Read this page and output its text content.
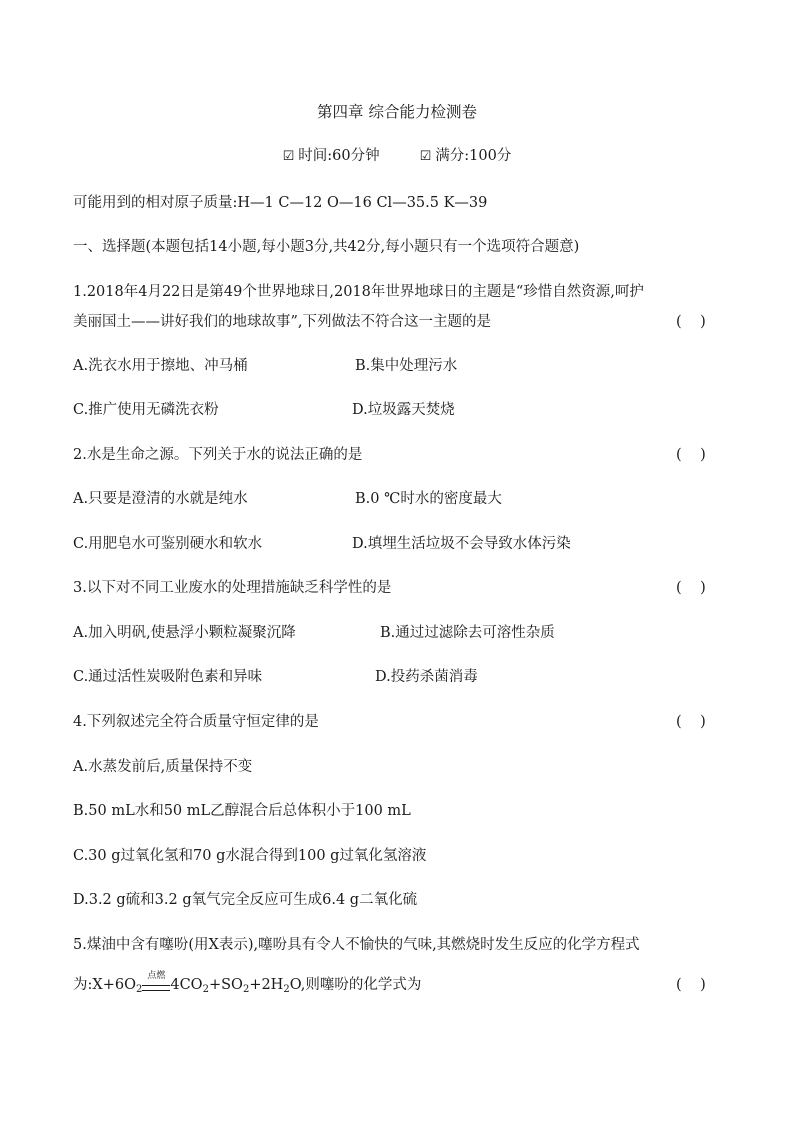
第四章 综合能力检测卷
☑ 时间:60分钟	☑ 满分:100分
可能用到的相对原子质量:H—1 C—12 O—16 Cl—35.5 K—39
一、选择题(本题包括14小题,每小题3分,共42分,每小题只有一个选项符合题意)
1.2018年4月22日是第49个世界地球日,2018年世界地球日的主题是“珍惜自然资源,呵护
美丽国土——讲好我们的地球故事”,下列做法不符合这一主题的是	(    )
A.洗衣水用于擦地、冲马桶	B.集中处理污水
C.推广使用无磷洗衣粉	D.垃圾露天焚烧
2.水是生命之源。下列关于水的说法正确的是	(    )
A.只要是澄清的水就是纯水	B.0 ℃时水的密度最大
C.用肥皂水可鉴别硬水和软水	D.填埋生活垃圾不会导致水体污染
3.以下对不同工业废水的处理措施缺乏科学性的是	(    )
A.加入明矾,使悬浮小颗粒凝聚沉降	B.通过过滤除去可溶性杂质
C.通过活性炭吸附色素和异味	D.投药杀菌消毒
4.下列叙述完全符合质量守恒定律的是	(    )
A.水蒸发前后,质量保持不变
B.50 mL水和50 mL乙醇混合后总体积小于100 mL
C.30 g过氧化氢和70 g水混合得到100 g过氧化氢溶液
D.3.2 g硫和3.2 g氧气完全反应可生成6.4 g二氧化硫
5.煤油中含有噻吩(用X表示),噻吩具有令人不愉快的气味,其燃烧时发生反应的化学方程式
为$:X+6O_2$
点燃
$4CO_2+SO_2+2H_2O$,则噻吩的化学式为	(    )
